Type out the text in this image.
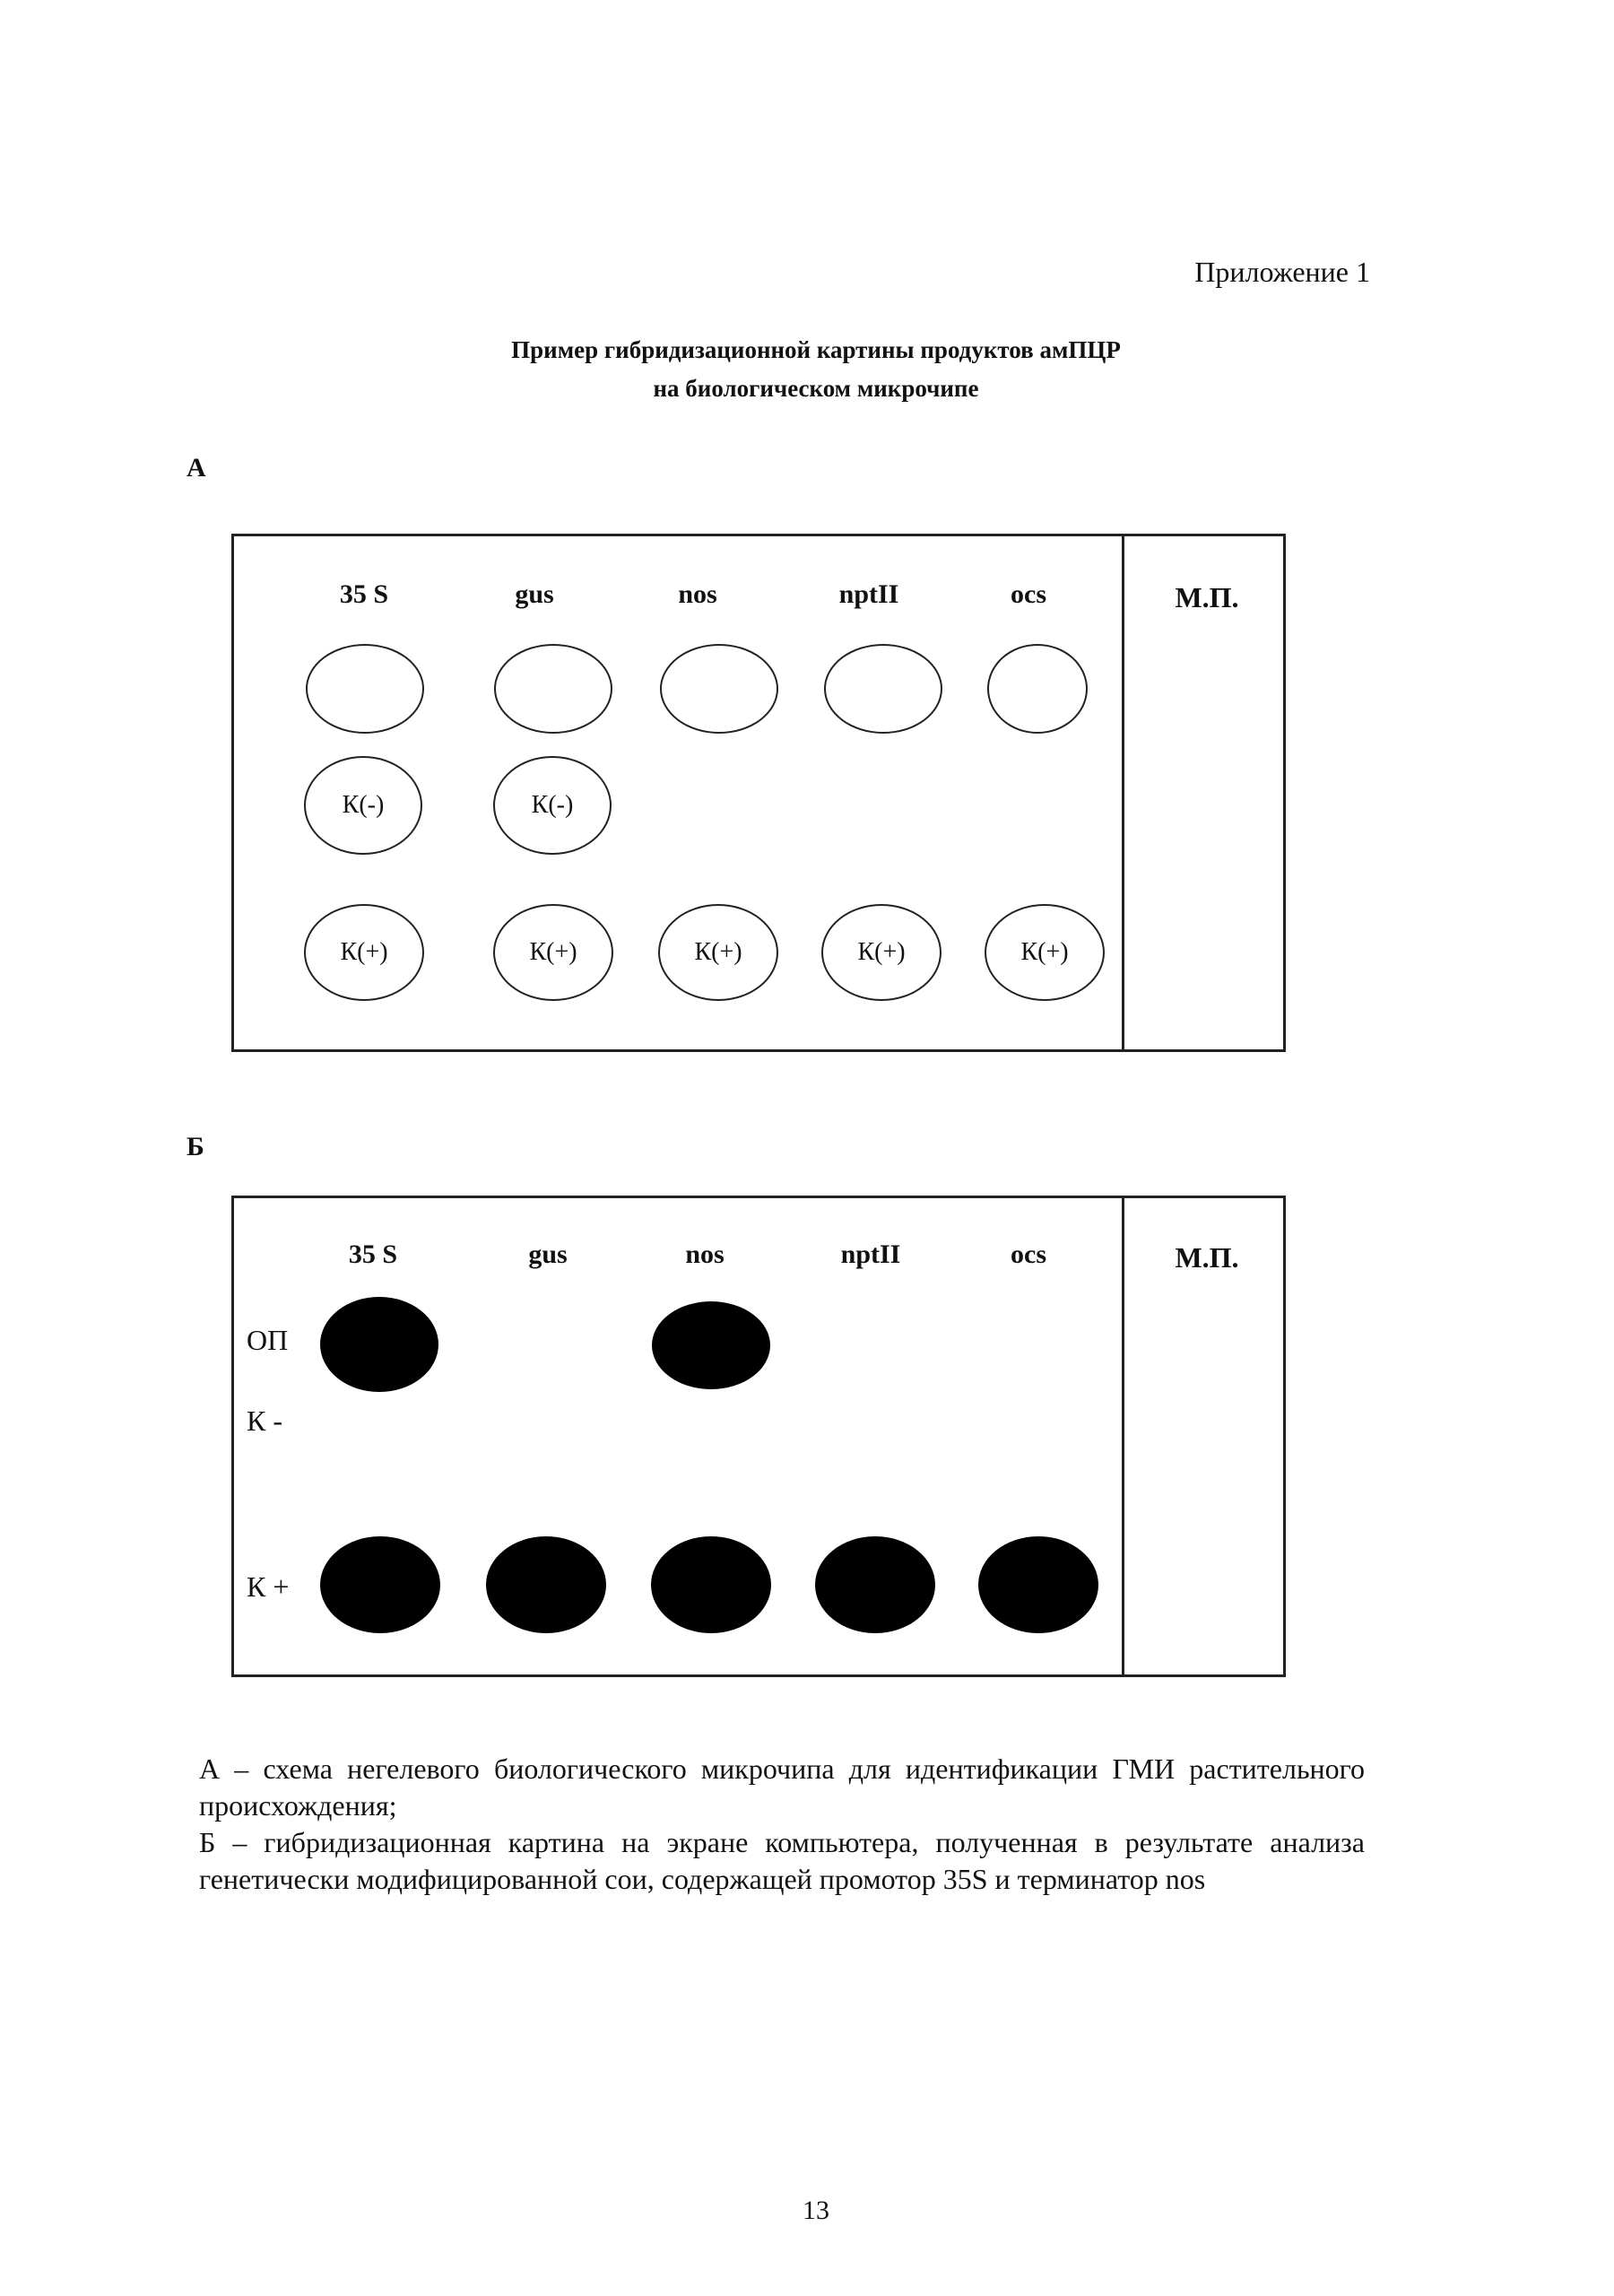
Приложение 1
Пример гибридизационной картины продуктов амПЦР
на биологическом микрочипе
А
М.П.
35 S	gus	nos	nptII	ocs
К(-)	К(-)
К(+)	К(+)	К(+)	К(+)	К(+)
Б
М.П.
35 S	gus	nos	nptII	ocs
ОП
К -
К +

А – схема негелевого биологического микрочипа для идентификации ГМИ растительного происхождения;

Б – гибридизационная картина на экране компьютера, полученная в результате анализа генетически модифицированной сои, содержащей промотор 35S и терминатор nos

13
